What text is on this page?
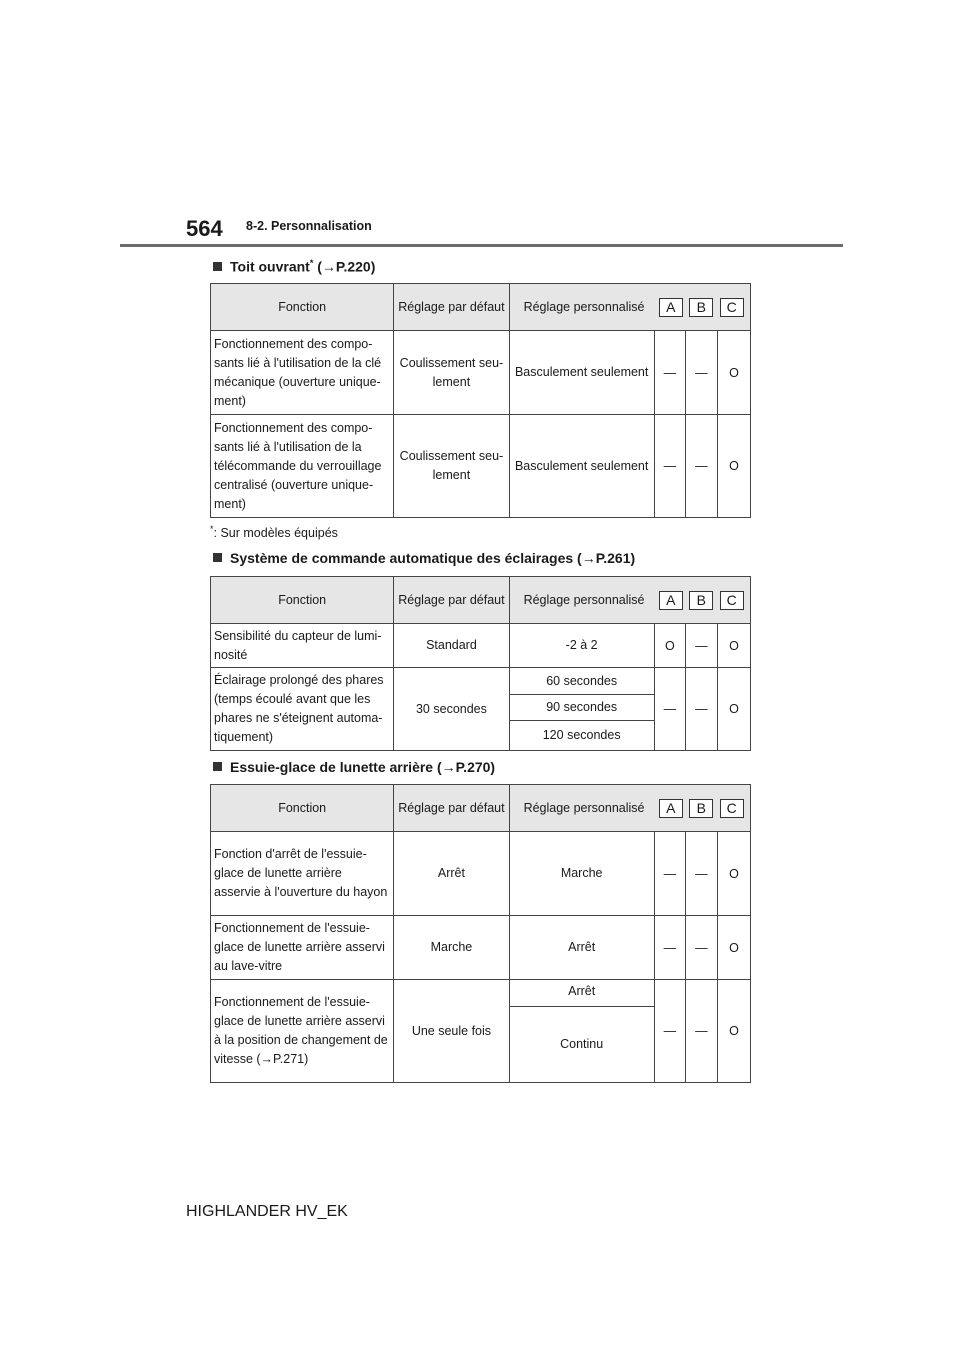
564 8-2. Personnalisation
Toit ouvrant* (→P.220)
Fonction	Réglage par défaut	Réglage personnalisé A B C			

Fonctionnement des compo-sants lié à l'utilisation de la clé mécanique (ouverture unique-ment)	Coulissement seu-lement	Basculement seulement	—	—	O
Fonctionnement des compo-sants lié à l'utilisation de la télécommande du verrouillage centralisé (ouverture unique-ment)	Coulissement seu-lement	Basculement seulement	—	—	O
*: Sur modèles équipés
Système de commande automatique des éclairages (→P.261)
Fonction	Réglage par défaut	Réglage personnalisé A B C			

Sensibilité du capteur de lumi-nosité	Standard	-2 à 2	O	—	O
Éclairage prolongé des phares (temps écoulé avant que les phares ne s'éteignent automa-tiquement)	30 secondes	60 secondes	—	—	O
		90 secondes			
		120 secondes			
Essuie-glace de lunette arrière (→P.270)
Fonction	Réglage par défaut	Réglage personnalisé A B C			

Fonction d'arrêt de l'essuie-glace de lunette arrière asservie à l'ouverture du hayon	Arrêt	Marche	—	—	O
Fonctionnement de l'essuie-glace de lunette arrière asservi au lave-vitre	Marche	Arrêt	—	—	O
Fonctionnement de l'essuie-glace de lunette arrière asservi à la position de changement de vitesse (→P.271)	Une seule fois	Arrêt	—	—	O
		Continu			
HIGHLANDER HV_EK
